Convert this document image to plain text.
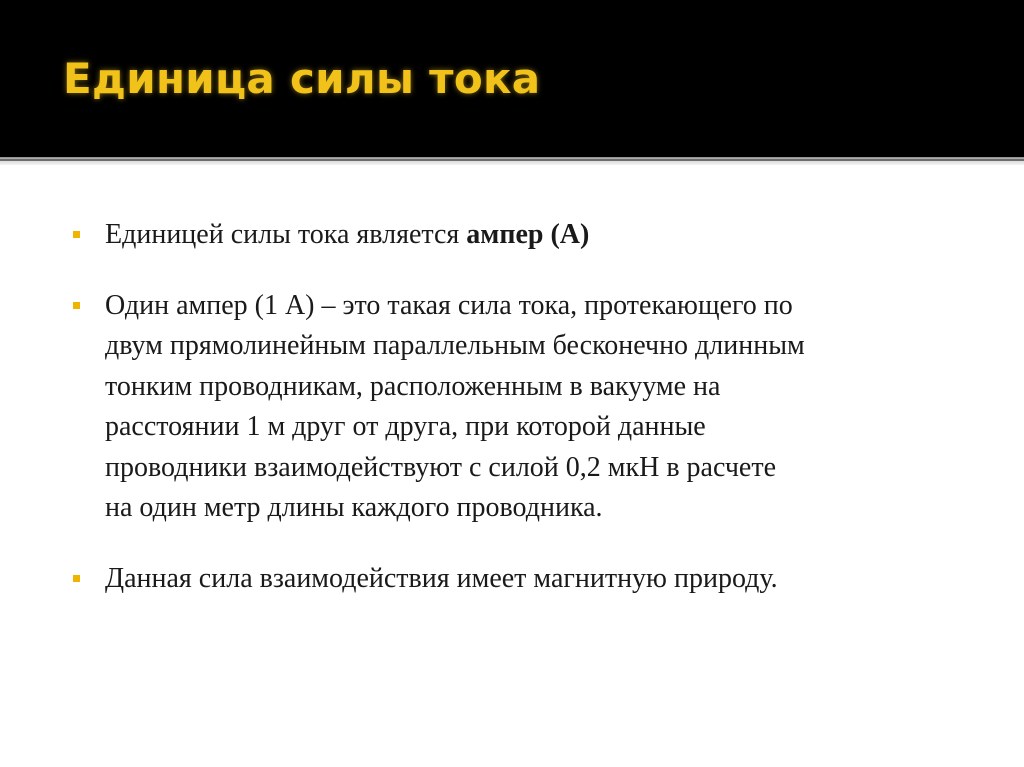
Единица силы тока
Единицей силы тока является ампер (А)
Один ампер (1 А) – это такая сила тока, протекающего по
двум прямолинейным параллельным бесконечно длинным
тонким проводникам, расположенным в вакууме на
расстоянии 1 м друг от друга, при которой данные
проводники взаимодействуют с силой 0,2 мкН в расчете
на один метр длины каждого проводника.
Данная сила взаимодействия имеет магнитную природу.
